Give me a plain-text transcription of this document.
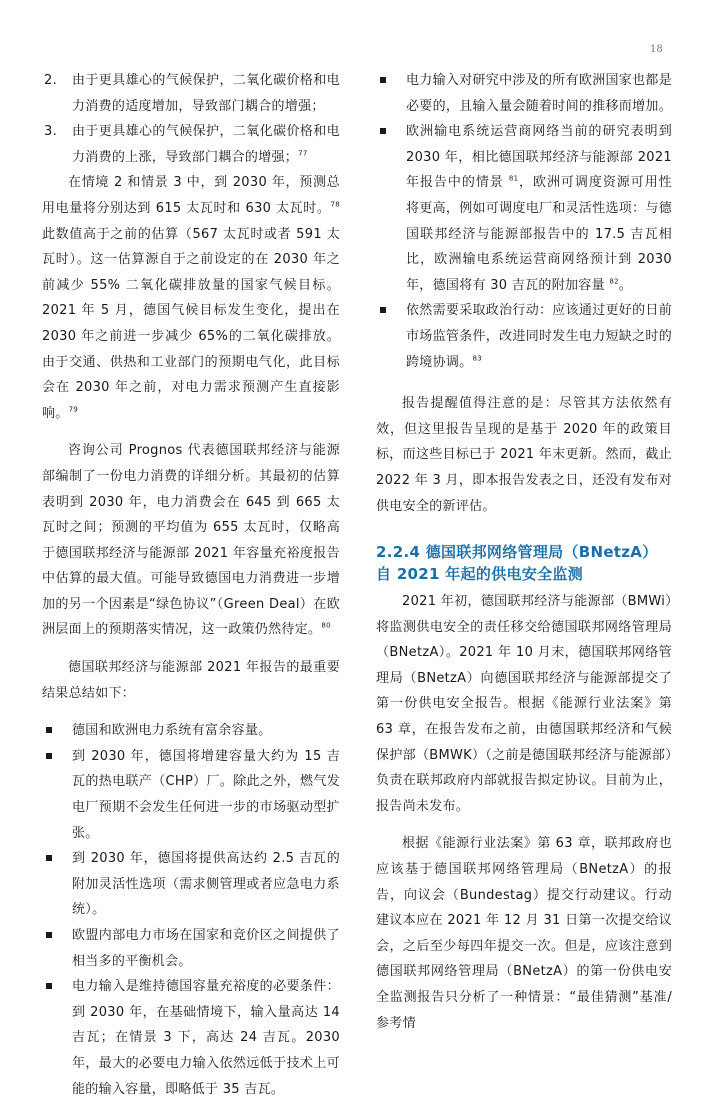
18
2. 由于更具雄心的气候保护，二氧化碳价格和电力消费的适度增加，导致部门耦合的增强；
3. 由于更具雄心的气候保护，二氧化碳价格和电力消费的上涨，导致部门耦合的增强；$^{77}$

在情境 2 和情景 3 中，到 2030 年，预测总用电量将分别达到 615 太瓦时和 630 太瓦时。$^{78}$此数值高于之前的估算（567 太瓦时或者 591 太瓦时）。这一估算源自于之前设定的在 2030 年之前减少 55% 二氧化碳排放量的国家气候目标。2021 年 5 月，德国气候目标发生变化，提出在 2030 年之前进一步减少 65%的二氧化碳排放。由于交通、供热和工业部门的预期电气化，此目标会在 2030 年之前，对电力需求预测产生直接影响。$^{79}$

咨询公司 Prognos 代表德国联邦经济与能源部编制了一份电力消费的详细分析。其最初的估算表明到 2030 年，电力消费会在 645 到 665 太瓦时之间；预测的平均值为 655 太瓦时，仅略高于德国联邦经济与能源部 2021 年容量充裕度报告中估算的最大值。可能导致德国电力消费进一步增加的另一个因素是“绿色协议”（Green Deal）在欧洲层面上的预期落实情况，这一政策仍然待定。$^{80}$

德国联邦经济与能源部 2021 年报告的最重要结果总结如下：

德国和欧洲电力系统有富余容量。
到 2030 年，德国将增建容量大约为 15 吉瓦的热电联产（CHP）厂。除此之外，燃气发电厂预期不会发生任何进一步的市场驱动型扩张。
到 2030 年，德国将提供高达约 2.5 吉瓦的附加灵活性选项（需求侧管理或者应急电力系统）。
欧盟内部电力市场在国家和竞价区之间提供了相当多的平衡机会。
电力输入是维持德国容量充裕度的必要条件：到 2030 年，在基础情境下，输入量高达 14 吉瓦；在情景 3 下，高达 24 吉瓦。2030 年，最大的必要电力输入依然远低于技术上可能的输入容量，即略低于 35 吉瓦。
电力输入对研究中涉及的所有欧洲国家也都是必要的，且输入量会随着时间的推移而增加。
欧洲输电系统运营商网络当前的研究表明到 2030 年，相比德国联邦经济与能源部 2021 年报告中的情景 $^{81}$，欧洲可调度资源可用性将更高，例如可调度电厂和灵活性选项：与德国联邦经济与能源部报告中的 17.5 吉瓦相比，欧洲输电系统运营商网络预计到 2030 年，德国将有 30 吉瓦的附加容量 $^{82}$。
依然需要采取政治行动：应该通过更好的日前市场监管条件，改进同时发生电力短缺之时的跨境协调。$^{83}$

报告提醒值得注意的是：尽管其方法依然有效，但这里报告呈现的是基于 2020 年的政策目标，而这些目标已于 2021 年末更新。然而，截止 2022 年 3 月，即本报告发表之日，还没有发布对供电安全的新评估。

2.2.4 德国联邦网络管理局（BNetzA）
自 2021 年起的供电安全监测

2021 年初，德国联邦经济与能源部（BMWi）将监测供电安全的责任移交给德国联邦网络管理局（BNetzA）。2021 年 10 月末，德国联邦网络管理局（BNetzA）向德国联邦经济与能源部提交了第一份供电安全报告。根据《能源行业法案》第 63 章，在报告发布之前，由德国联邦经济和气候保护部（BMWK）（之前是德国联邦经济与能源部）负责在联邦政府内部就报告拟定协议。目前为止，报告尚未发布。

根据《能源行业法案》第 63 章，联邦政府也应该基于德国联邦网络管理局（BNetzA）的报告，向议会（Bundestag）提交行动建议。行动建议本应在 2021 年 12 月 31 日第一次提交给议会，之后至少每四年提交一次。但是，应该注意到德国联邦网络管理局（BNetzA）的第一份供电安全监测报告只分析了一种情景：“最佳猜测”基准/参考情
